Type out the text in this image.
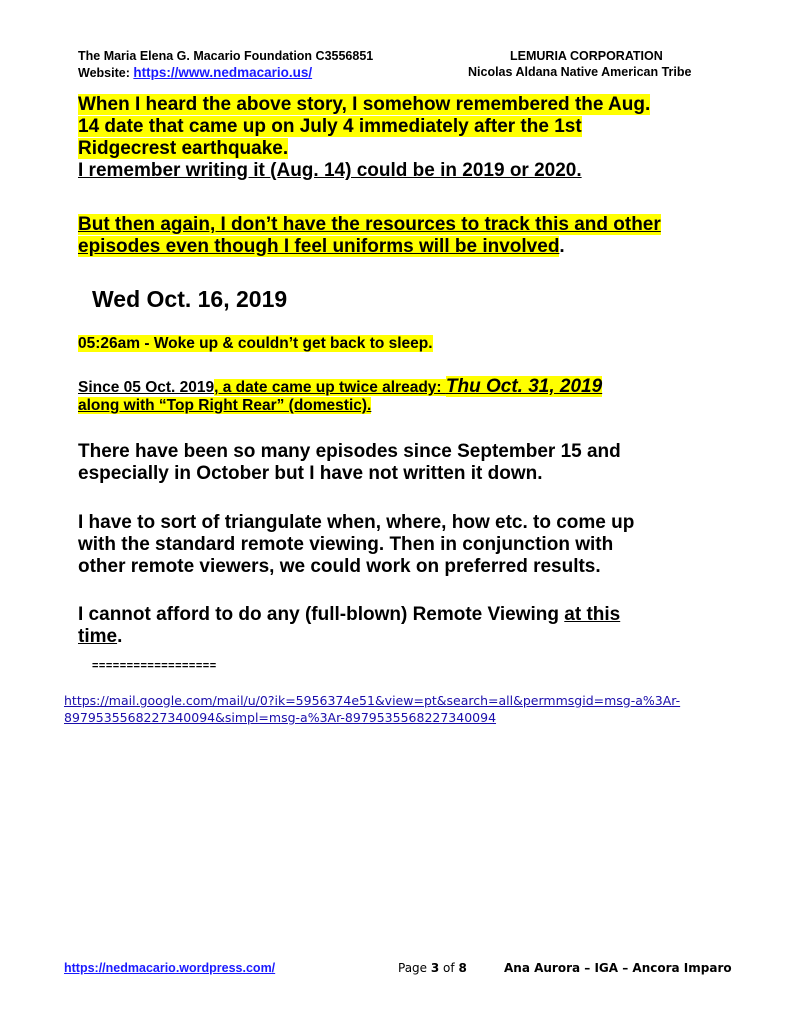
The Maria Elena G. Macario Foundation C3556851
Website: https://www.nedmacario.us/
LEMURIA CORPORATION
Nicolas Aldana Native American Tribe
When I heard the above story, I somehow remembered the Aug.
14 date that came up on July 4 immediately after the 1st
Ridgecrest earthquake.
I remember writing it (Aug. 14) could be in 2019 or 2020.
But then again, I don’t have the resources to track this and other
episodes even though I feel uniforms will be involved.
Wed Oct. 16, 2019
05:26am - Woke up & couldn’t get back to sleep.
Since 05 Oct. 2019, a date came up twice already: Thu Oct. 31, 2019
along with “Top Right Rear” (domestic).
There have been so many episodes since September 15 and
especially in October but I have not written it down.
I have to sort of triangulate when, where, how etc. to come up
with the standard remote viewing. Then in conjunction with
other remote viewers, we could work on preferred results.
I cannot afford to do any (full-blown) Remote Viewing at this
time.
==================
https://mail.google.com/mail/u/0?ik=5956374e51&view=pt&search=all&permmsgid=msg-a%3Ar-8979535568227340094&simpl=msg-a%3Ar-8979535568227340094
https://nedmacario.wordpress.com/	Page 3 of 8	Ana Aurora – IGA – Ancora Imparo
